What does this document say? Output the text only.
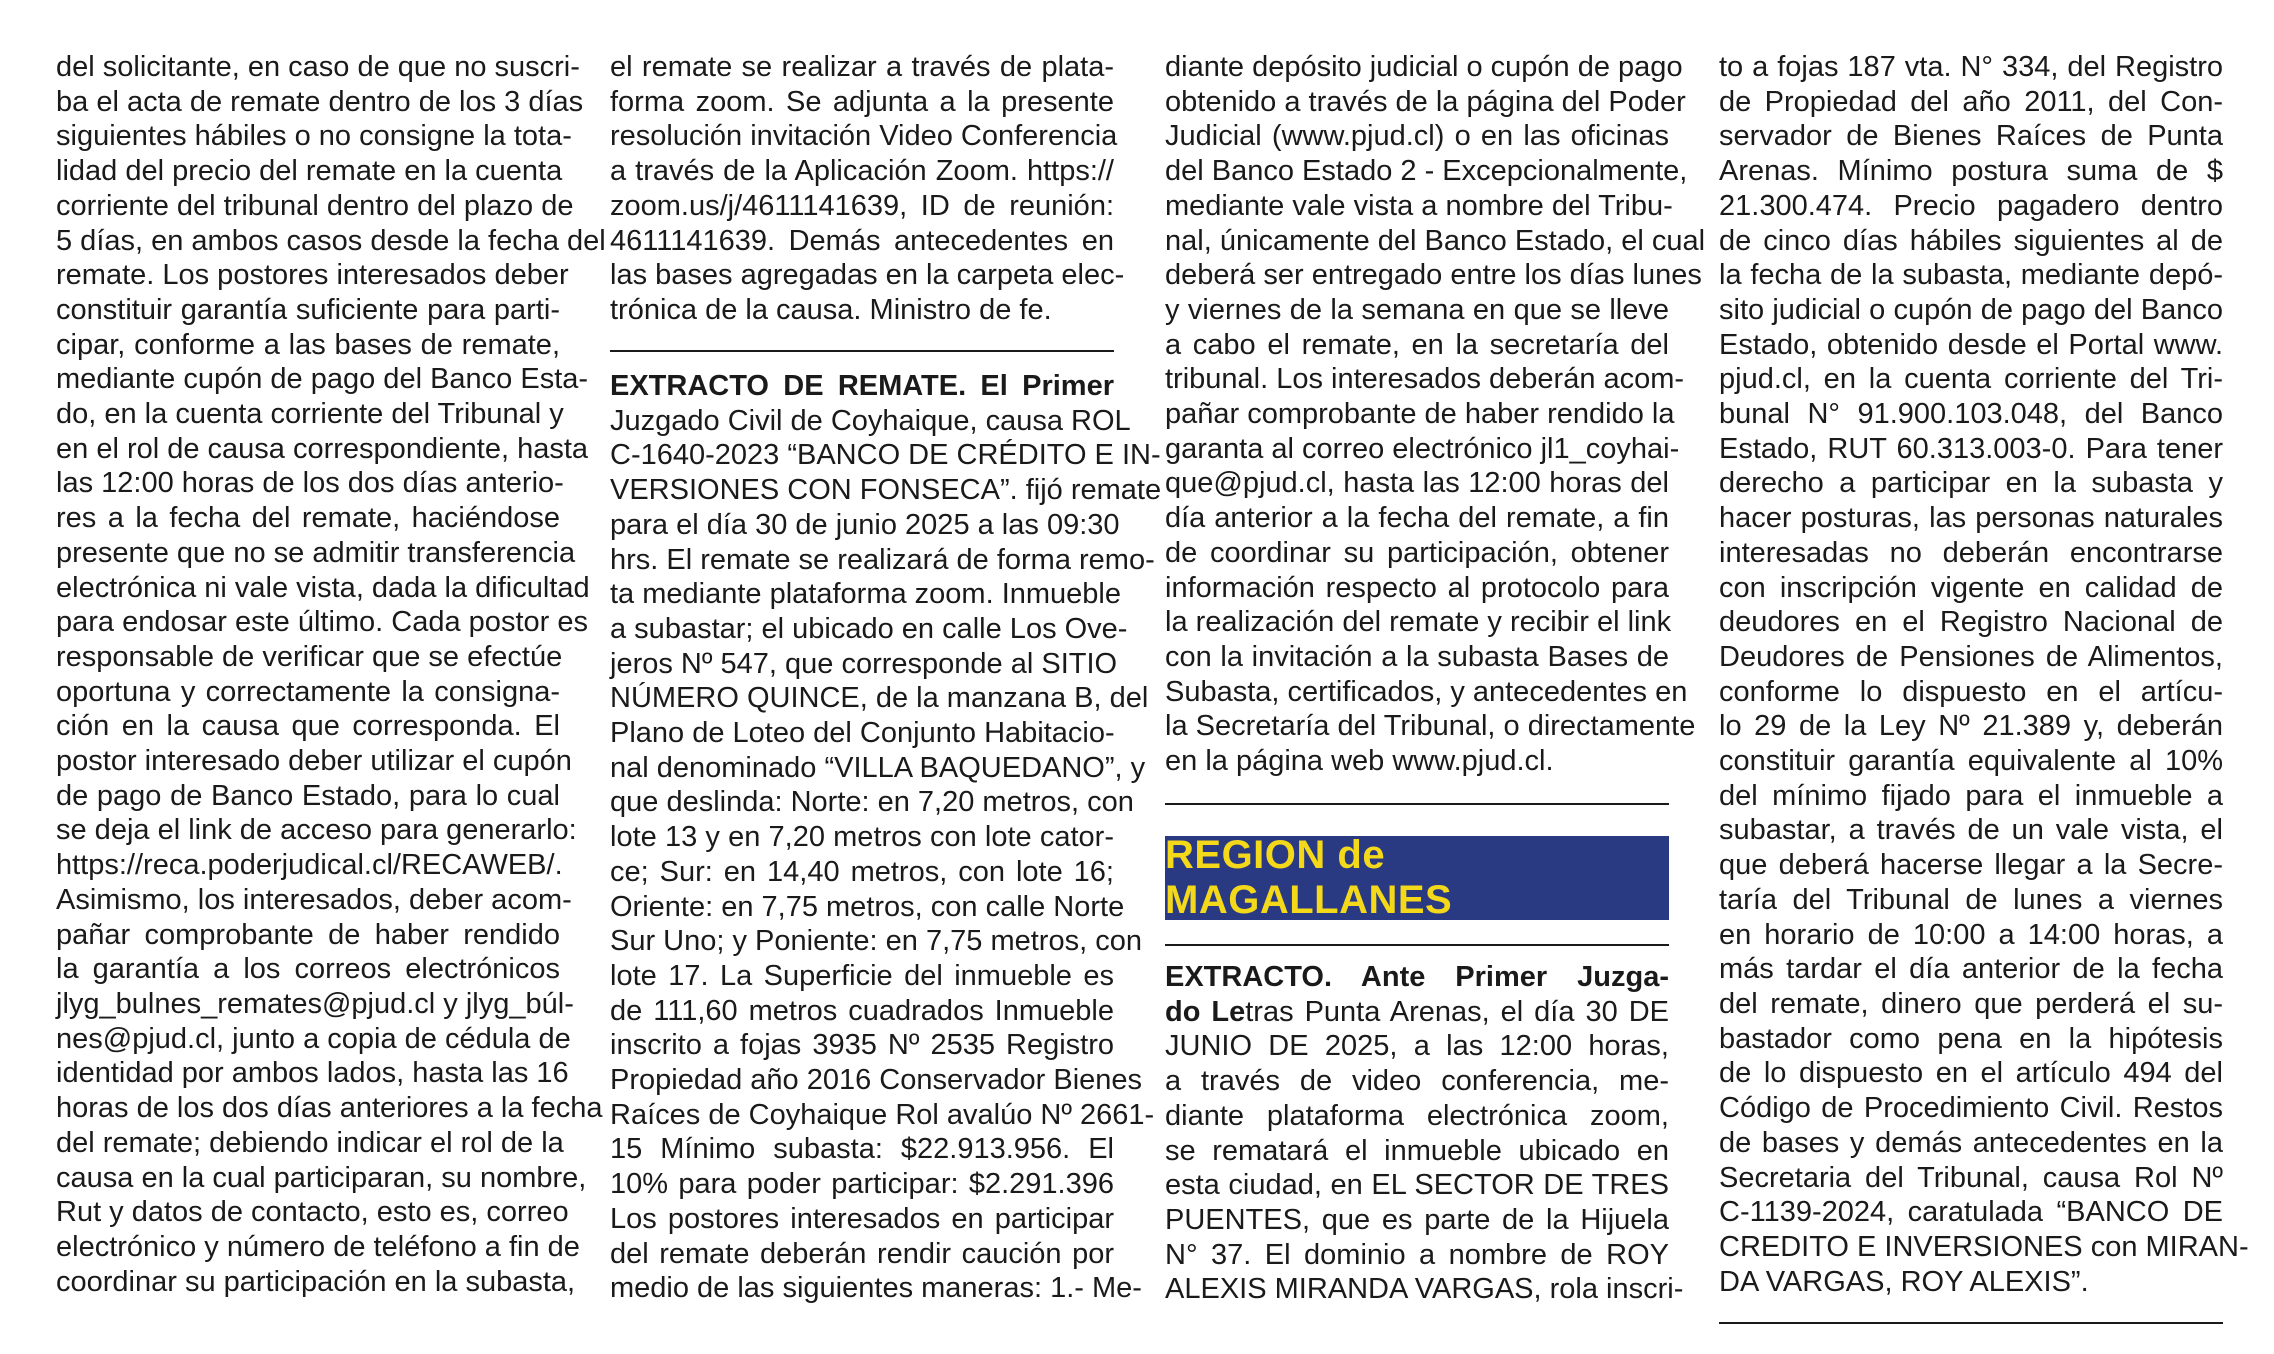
del solicitante, en caso de que no suscri-
ba el acta de remate dentro de los 3 días
siguientes hábiles o no consigne la tota-
lidad del precio del remate en la cuenta
corriente del tribunal dentro del plazo de
5 días, en ambos casos desde la fecha del
remate. Los postores interesados deber
constituir garantía suficiente para parti-
cipar, conforme a las bases de remate,
mediante cupón de pago del Banco Esta-
do, en la cuenta corriente del Tribunal y
en el rol de causa correspondiente, hasta
las 12:00 horas de los dos días anterio-
res a la fecha del remate, haciéndose
presente que no se admitir transferencia
electrónica ni vale vista, dada la dificultad
para endosar este último. Cada postor es
responsable de verificar que se efectúe
oportuna y correctamente la consigna-
ción en la causa que corresponda. El
postor interesado deber utilizar el cupón
de pago de Banco Estado, para lo cual
se deja el link de acceso para generarlo:
https://reca.poderjudical.cl/RECAWEB/.
Asimismo, los interesados, deber acom-
pañar comprobante de haber rendido
la garantía a los correos electrónicos
jlyg_bulnes_remates@pjud.cl y jlyg_búl-
nes@pjud.cl, junto a copia de cédula de
identidad por ambos lados, hasta las 16
horas de los dos días anteriores a la fecha
del remate; debiendo indicar el rol de la
causa en la cual participaran, su nombre,
Rut y datos de contacto, esto es, correo
electrónico y número de teléfono a fin de
coordinar su participación en la subasta,
el remate se realizar a través de plata-
forma zoom. Se adjunta a la presente
resolución invitación Video Conferencia
a través de la Aplicación Zoom. https://
zoom.us/j/4611141639, ID de reunión:
4611141639. Demás antecedentes en
las bases agregadas en la carpeta elec-
trónica de la causa. Ministro de fe.
EXTRACTO DE REMATE. El Primer
Juzgado Civil de Coyhaique, causa ROL
C-1640-2023 “BANCO DE CRÉDITO E IN-
VERSIONES CON FONSECA”. fijó remate
para el día 30 de junio 2025 a las 09:30
hrs. El remate se realizará de forma remo-
ta mediante plataforma zoom. Inmueble
a subastar; el ubicado en calle Los Ove-
jeros Nº 547, que corresponde al SITIO
NÚMERO QUINCE, de la manzana B, del
Plano de Loteo del Conjunto Habitacio-
nal denominado “VILLA BAQUEDANO”, y
que deslinda: Norte: en 7,20 metros, con
lote 13 y en 7,20 metros con lote cator-
ce; Sur: en 14,40 metros, con lote 16;
Oriente: en 7,75 metros, con calle Norte
Sur Uno; y Poniente: en 7,75 metros, con
lote 17. La Superficie del inmueble es
de 111,60 metros cuadrados Inmueble
inscrito a fojas 3935 Nº 2535 Registro
Propiedad año 2016 Conservador Bienes
Raíces de Coyhaique Rol avalúo Nº 2661-
15 Mínimo subasta: $22.913.956. El
10% para poder participar: $2.291.396
Los postores interesados en participar
del remate deberán rendir caución por
medio de las siguientes maneras: 1.- Me-
diante depósito judicial o cupón de pago
obtenido a través de la página del Poder
Judicial (www.pjud.cl) o en las oficinas
del Banco Estado 2 - Excepcionalmente,
mediante vale vista a nombre del Tribu-
nal, únicamente del Banco Estado, el cual
deberá ser entregado entre los días lunes
y viernes de la semana en que se lleve
a cabo el remate, en la secretaría del
tribunal. Los interesados deberán acom-
pañar comprobante de haber rendido la
garanta al correo electrónico jl1_coyhai-
que@pjud.cl, hasta las 12:00 horas del
día anterior a la fecha del remate, a fin
de coordinar su participación, obtener
información respecto al protocolo para
la realización del remate y recibir el link
con la invitación a la subasta Bases de
Subasta, certificados, y antecedentes en
la Secretaría del Tribunal, o directamente
en la página web www.pjud.cl.
REGION de MAGALLANES
EXTRACTO. Ante Primer Juzga-
do Letras Punta Arenas, el día 30 DE
JUNIO DE 2025, a las 12:00 horas,
a través de video conferencia, me-
diante plataforma electrónica zoom,
se rematará el inmueble ubicado en
esta ciudad, en EL SECTOR DE TRES
PUENTES, que es parte de la Hijuela
N° 37. El dominio a nombre de ROY
ALEXIS MIRANDA VARGAS, rola inscri-
to a fojas 187 vta. N° 334, del Registro
de Propiedad del año 2011, del Con-
servador de Bienes Raíces de Punta
Arenas. Mínimo postura suma de $
21.300.474. Precio pagadero dentro
de cinco días hábiles siguientes al de
la fecha de la subasta, mediante depó-
sito judicial o cupón de pago del Banco
Estado, obtenido desde el Portal www.
pjud.cl, en la cuenta corriente del Tri-
bunal N° 91.900.103.048, del Banco
Estado, RUT 60.313.003-0. Para tener
derecho a participar en la subasta y
hacer posturas, las personas naturales
interesadas no deberán encontrarse
con inscripción vigente en calidad de
deudores en el Registro Nacional de
Deudores de Pensiones de Alimentos,
conforme lo dispuesto en el artícu-
lo 29 de la Ley Nº 21.389 y, deberán
constituir garantía equivalente al 10%
del mínimo fijado para el inmueble a
subastar, a través de un vale vista, el
que deberá hacerse llegar a la Secre-
taría del Tribunal de lunes a viernes
en horario de 10:00 a 14:00 horas, a
más tardar el día anterior de la fecha
del remate, dinero que perderá el su-
bastador como pena en la hipótesis
de lo dispuesto en el artículo 494 del
Código de Procedimiento Civil. Restos
de bases y demás antecedentes en la
Secretaria del Tribunal, causa Rol Nº
C-1139-2024, caratulada “BANCO DE
CREDITO E INVERSIONES con MIRAN-
DA VARGAS, ROY ALEXIS”.
